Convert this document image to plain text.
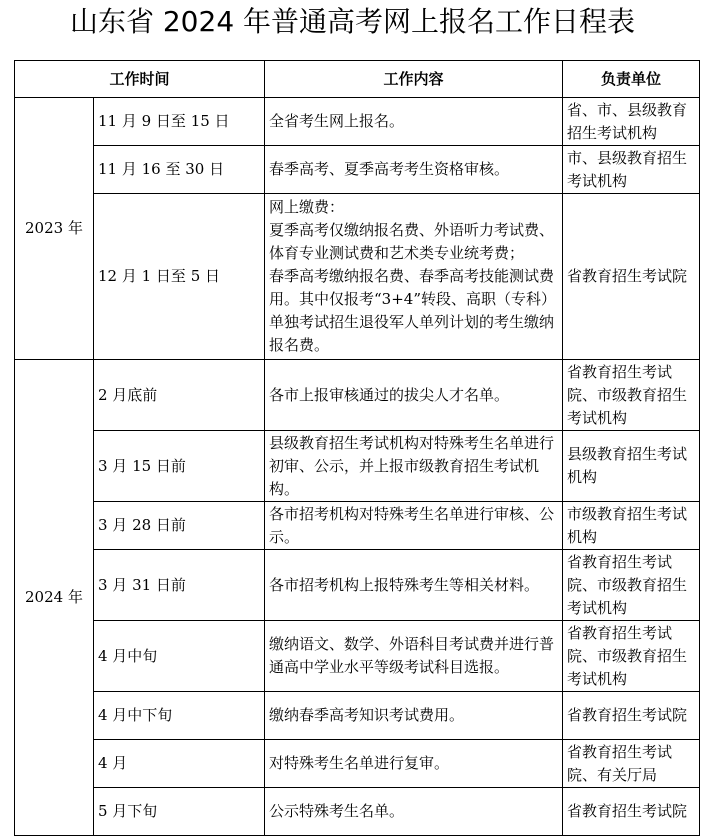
山东省 2024 年普通高考网上报名工作日程表
工作时间		工作内容	负责单位
2023 年	11 月 9 日至 15 日	全省考生网上报名。	省、市、县级教育招生考试机构
	11 月 16 至 30 日	春季高考、夏季高考考生资格审核。	市、县级教育招生考试机构
	12 月 1 日至 5 日	网上缴费：
夏季高考仅缴纳报名费、外语听力考试费、体育专业测试费和艺术类专业统考费；
春季高考缴纳报名费、春季高考技能测试费用。其中仅报考“3+4”转段、高职（专科）单独考试招生退役军人单列计划的考生缴纳报名费。	省教育招生考试院
2024 年	2 月底前	各市上报审核通过的拔尖人才名单。	省教育招生考试院、市级教育招生考试机构
	3 月 15 日前	县级教育招生考试机构对特殊考生名单进行初审、公示，并上报市级教育招生考试机构。	县级教育招生考试机构
	3 月 28 日前	各市招考机构对特殊考生名单进行审核、公示。	市级教育招生考试机构
	3 月 31 日前	各市招考机构上报特殊考生等相关材料。	省教育招生考试院、市级教育招生考试机构
	4 月中旬	缴纳语文、数学、外语科目考试费并进行普通高中学业水平等级考试科目选报。	省教育招生考试院、市级教育招生考试机构
	4 月中下旬	缴纳春季高考知识考试费用。	省教育招生考试院
	4 月	对特殊考生名单进行复审。	省教育招生考试院、有关厅局
	5 月下旬	公示特殊考生名单。	省教育招生考试院
